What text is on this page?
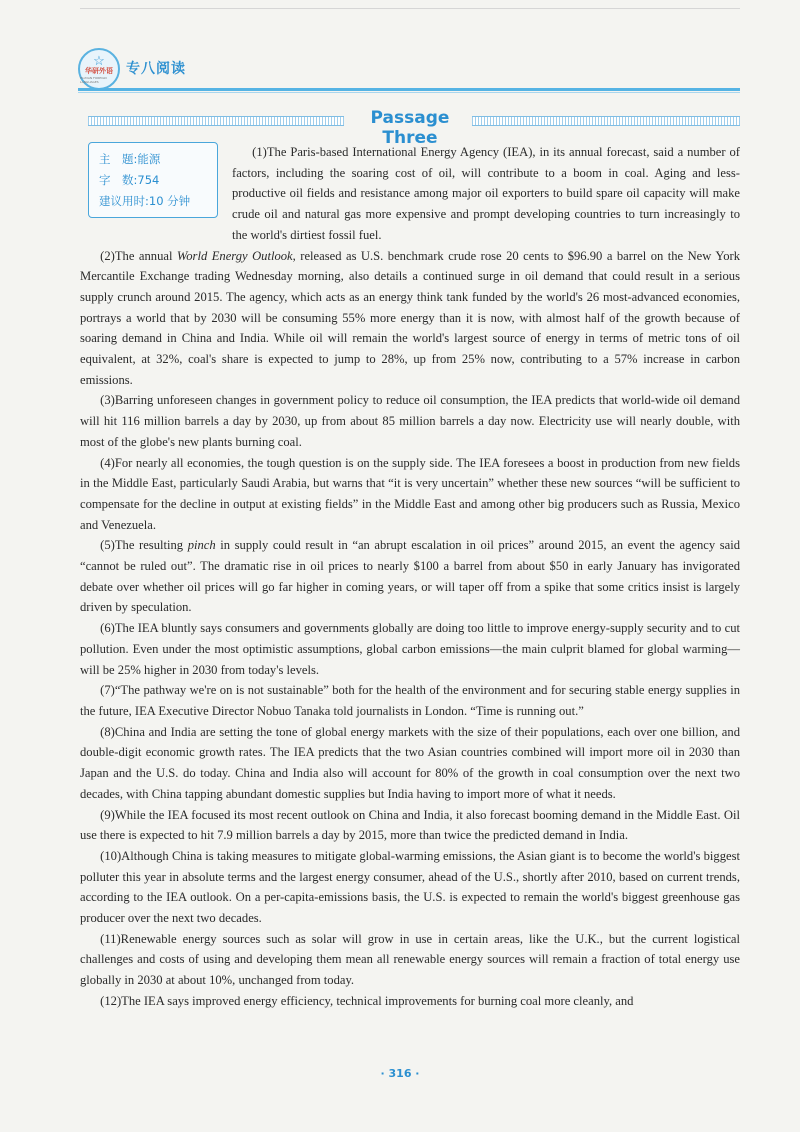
☆
华研外语
HUAYAN FOREIGN LANGUAGES
专八阅读
Passage Three
主　题:能源
字　数:754
建议用时:10 分钟

(1)The Paris-based International Energy Agency (IEA), in its annual forecast, said a number of factors, including the soaring cost of oil, will contribute to a boom in coal. Aging and less-productive oil fields and resistance among major oil exporters to build spare oil capacity will make crude oil and natural gas more expensive and prompt developing countries to turn increasingly to the world's dirtiest fossil fuel.

(2)The annual World Energy Outlook, released as U.S. benchmark crude rose 20 cents to $96.90 a barrel on the New York Mercantile Exchange trading Wednesday morning, also details a continued surge in oil demand that could result in a serious supply crunch around 2015. The agency, which acts as an energy think tank funded by the world's 26 most-advanced economies, portrays a world that by 2030 will be consuming 55% more energy than it is now, with almost half of the growth because of soaring demand in China and India. While oil will remain the world's largest source of energy in terms of metric tons of oil equivalent, at 32%, coal's share is expected to jump to 28%, up from 25% now, contributing to a 57% increase in carbon emissions.

(3)Barring unforeseen changes in government policy to reduce oil consumption, the IEA predicts that world-wide oil demand will hit 116 million barrels a day by 2030, up from about 85 million barrels a day now. Electricity use will nearly double, with most of the globe's new plants burning coal.

(4)For nearly all economies, the tough question is on the supply side. The IEA foresees a boost in production from new fields in the Middle East, particularly Saudi Arabia, but warns that “it is very uncertain” whether these new sources “will be sufficient to compensate for the decline in output at existing fields” in the Middle East and among other big producers such as Russia, Mexico and Venezuela.

(5)The resulting pinch in supply could result in “an abrupt escalation in oil prices” around 2015, an event the agency said “cannot be ruled out”. The dramatic rise in oil prices to nearly $100 a barrel from about $50 in early January has invigorated debate over whether oil prices will go far higher in coming years, or will taper off from a spike that some critics insist is largely driven by speculation.

(6)The IEA bluntly says consumers and governments globally are doing too little to improve energy-supply security and to cut pollution. Even under the most optimistic assumptions, global carbon emissions—the main culprit blamed for global warming—will be 25% higher in 2030 from today's levels.

(7)“The pathway we're on is not sustainable” both for the health of the environment and for securing stable energy supplies in the future, IEA Executive Director Nobuo Tanaka told journalists in London. “Time is running out.”

(8)China and India are setting the tone of global energy markets with the size of their populations, each over one billion, and double-digit economic growth rates. The IEA predicts that the two Asian countries combined will import more oil in 2030 than Japan and the U.S. do today. China and India also will account for 80% of the growth in coal consumption over the next two decades, with China tapping abundant domestic supplies but India having to import more of what it needs.

(9)While the IEA focused its most recent outlook on China and India, it also forecast booming demand in the Middle East. Oil use there is expected to hit 7.9 million barrels a day by 2015, more than twice the predicted demand in India.

(10)Although China is taking measures to mitigate global-warming emissions, the Asian giant is to become the world's biggest polluter this year in absolute terms and the largest energy consumer, ahead of the U.S., shortly after 2010, based on current trends, according to the IEA outlook. On a per-capita-emissions basis, the U.S. is expected to remain the world's biggest greenhouse gas producer over the next two decades.

(11)Renewable energy sources such as solar will grow in use in certain areas, like the U.K., but the current logistical challenges and costs of using and developing them mean all renewable energy sources will remain a fraction of total energy use globally in 2030 at about 10%, unchanged from today.

(12)The IEA says improved energy efficiency, technical improvements for burning coal more cleanly, and

· 316 ·
